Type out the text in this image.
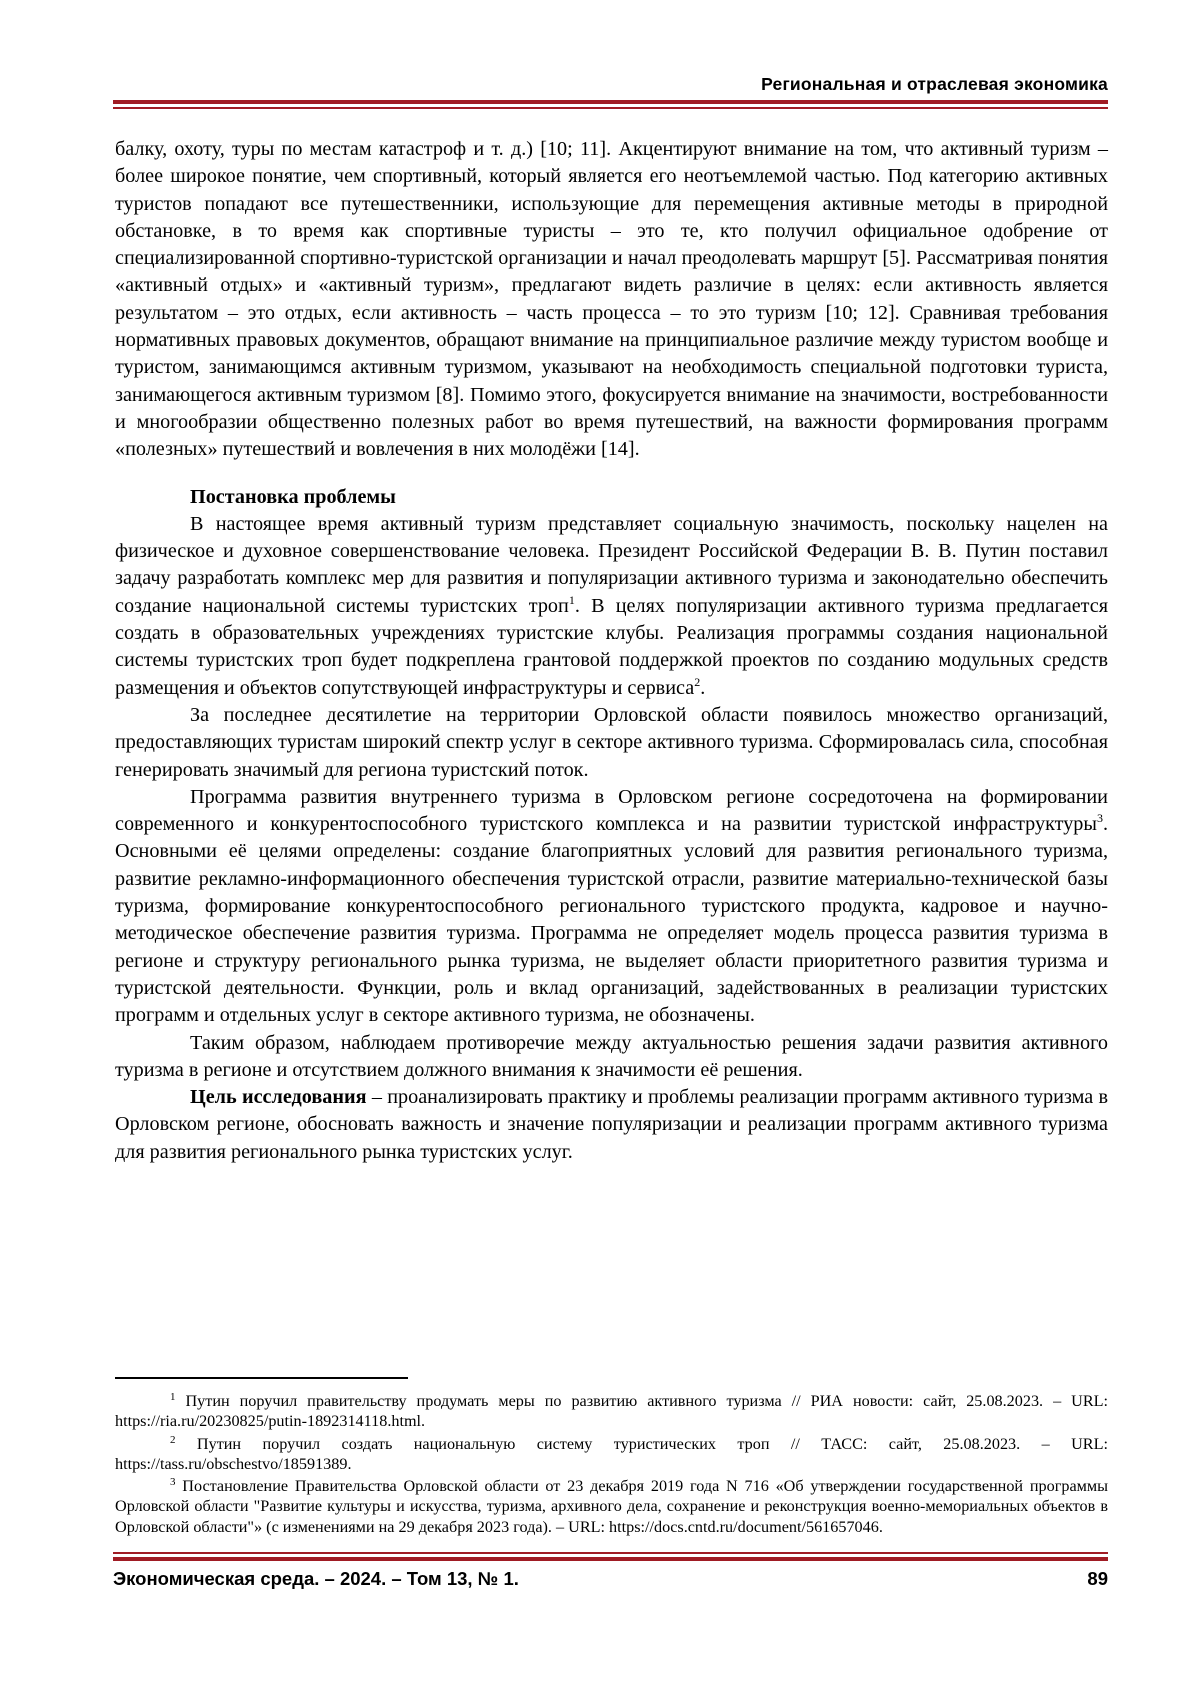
Региональная и отраслевая экономика

балку, охоту, туры по местам катастроф и т. д.) [10; 11]. Акцентируют внимание на том, что активный туризм – более широкое понятие, чем спортивный, который является его неотъемлемой частью. Под категорию активных туристов попадают все путешественники, использующие для перемещения активные методы в природной обстановке, в то время как спортивные туристы – это те, кто получил официальное одобрение от специализированной спортивно-туристской организации и начал преодолевать маршрут [5]. Рассматривая понятия «активный отдых» и «активный туризм», предлагают видеть различие в целях: если активность является результатом – это отдых, если активность – часть процесса – то это туризм [10; 12]. Сравнивая требования нормативных правовых документов, обращают внимание на принципиальное различие между туристом вообще и туристом, занимающимся активным туризмом, указывают на необходимость специальной подготовки туриста, занимающегося активным туризмом [8]. Помимо этого, фокусируется внимание на значимости, востребованности и многообразии общественно полезных работ во время путешествий, на важности формирования программ «полезных» путешествий и вовлечения в них молодёжи [14].

Постановка проблемы

В настоящее время активный туризм представляет социальную значимость, поскольку нацелен на физическое и духовное совершенствование человека. Президент Российской Федерации В. В. Путин поставил задачу разработать комплекс мер для развития и популяризации активного туризма и законодательно обеспечить создание национальной системы туристских троп$^1$. В целях популяризации активного туризма предлагается создать в образовательных учреждениях туристские клубы. Реализация программы создания национальной системы туристских троп будет подкреплена грантовой поддержкой проектов по созданию модульных средств размещения и объектов сопутствующей инфраструктуры и сервиса$^2$.

За последнее десятилетие на территории Орловской области появилось множество организаций, предоставляющих туристам широкий спектр услуг в секторе активного туризма. Сформировалась сила, способная генерировать значимый для региона туристский поток.

Программа развития внутреннего туризма в Орловском регионе сосредоточена на формировании современного и конкурентоспособного туристского комплекса и на развитии туристской инфраструктуры$^3$. Основными её целями определены: создание благоприятных условий для развития регионального туризма, развитие рекламно-информационного обеспечения туристской отрасли, развитие материально-технической базы туризма, формирование конкурентоспособного регионального туристского продукта, кадровое и научно-методическое обеспечение развития туризма. Программа не определяет модель процесса развития туризма в регионе и структуру регионального рынка туризма, не выделяет области приоритетного развития туризма и туристской деятельности. Функции, роль и вклад организаций, задействованных в реализации туристских программ и отдельных услуг в секторе активного туризма, не обозначены.

Таким образом, наблюдаем противоречие между актуальностью решения задачи развития активного туризма в регионе и отсутствием должного внимания к значимости её решения.

Цель исследования – проанализировать практику и проблемы реализации программ активного туризма в Орловском регионе, обосновать важность и значение популяризации и реализации программ активного туризма для развития регионального рынка туристских услуг.

$^1$ Путин поручил правительству продумать меры по развитию активного туризма // РИА новости: сайт, 25.08.2023. – URL: https://ria.ru/20230825/putin-1892314118.html.

$^2$ Путин поручил создать национальную систему туристических троп // ТАСС: сайт, 25.08.2023. – URL: https://tass.ru/obschestvo/18591389.

$^3$ Постановление Правительства Орловской области от 23 декабря 2019 года N 716 «Об утверждении государственной программы Орловской области "Развитие культуры и искусства, туризма, архивного дела, сохранение и реконструкция военно-мемориальных объектов в Орловской области"» (с изменениями на 29 декабря 2023 года). – URL: https://docs.cntd.ru/document/561657046.

Экономическая среда. – 2024. – Том 13, № 1.	89
